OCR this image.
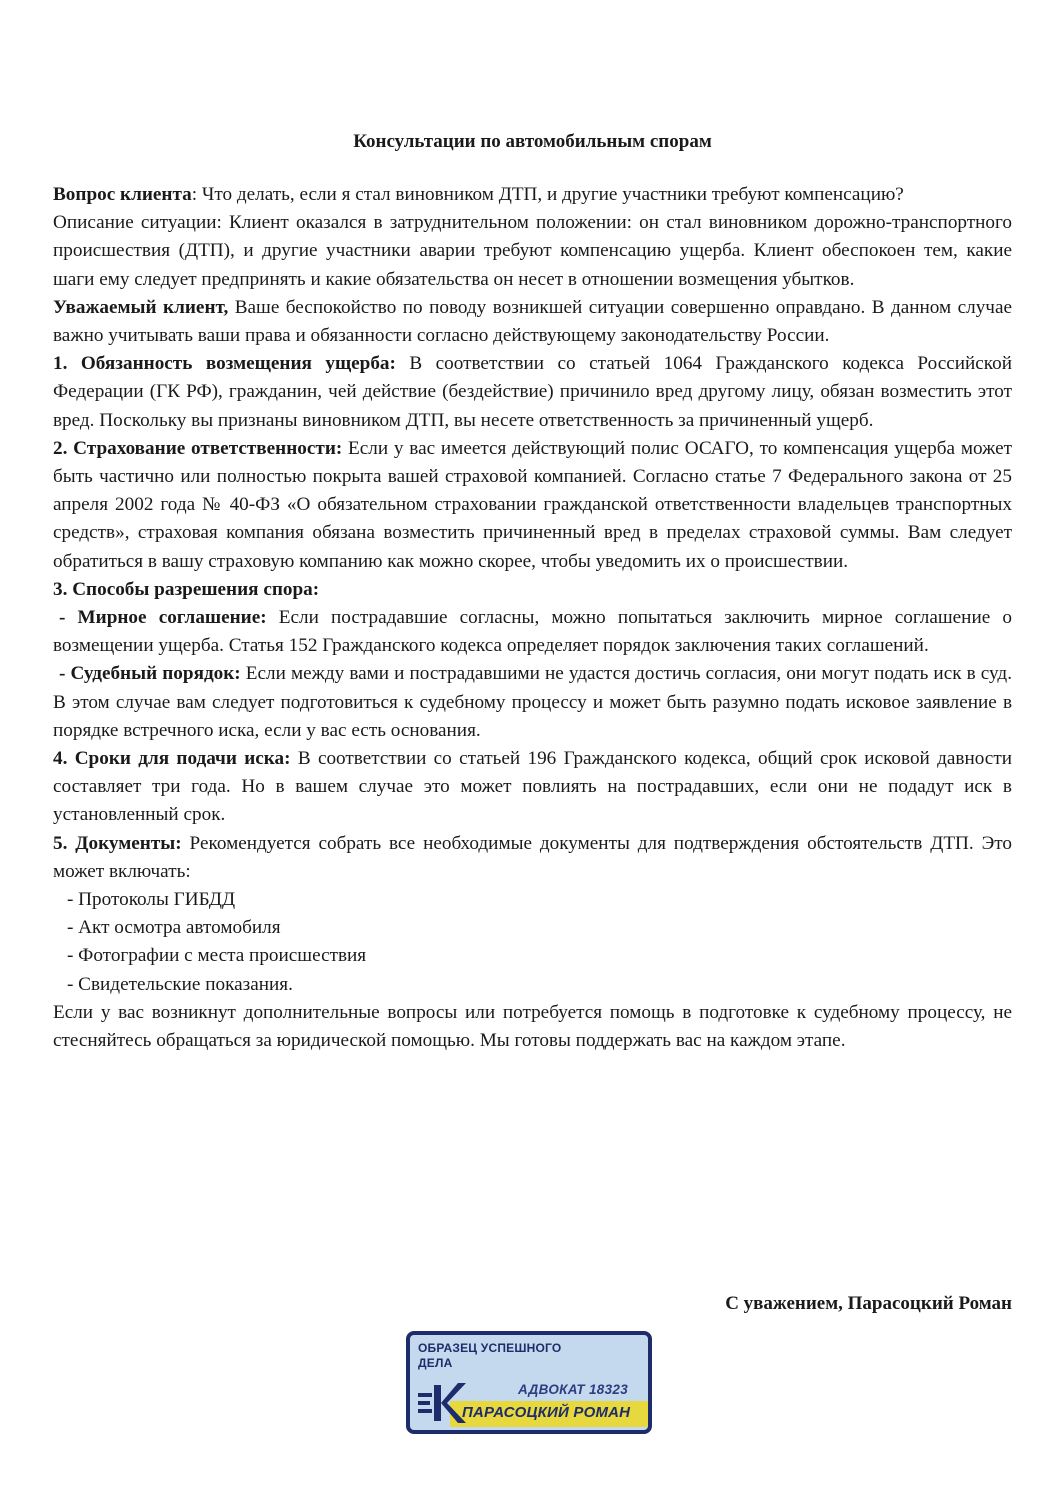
Консультации по автомобильным спорам

Вопрос клиента: Что делать, если я стал виновником ДТП, и другие участники требуют компенсацию?

Описание ситуации: Клиент оказался в затруднительном положении: он стал виновником дорожно-транспортного происшествия (ДТП), и другие участники аварии требуют компенсацию ущерба. Клиент обеспокоен тем, какие шаги ему следует предпринять и какие обязательства он несет в отношении возмещения убытков.

Уважаемый клиент, Ваше беспокойство по поводу возникшей ситуации совершенно оправдано. В данном случае важно учитывать ваши права и обязанности согласно действующему законодательству России.

1. Обязанность возмещения ущерба: В соответствии со статьей 1064 Гражданского кодекса Российской Федерации (ГК РФ), гражданин, чей действие (бездействие) причинило вред другому лицу, обязан возместить этот вред. Поскольку вы признаны виновником ДТП, вы несете ответственность за причиненный ущерб.

2. Страхование ответственности: Если у вас имеется действующий полис ОСАГО, то компенсация ущерба может быть частично или полностью покрыта вашей страховой компанией. Согласно статье 7 Федерального закона от 25 апреля 2002 года № 40-ФЗ «О обязательном страховании гражданской ответственности владельцев транспортных средств», страховая компания обязана возместить причиненный вред в пределах страховой суммы. Вам следует обратиться в вашу страховую компанию как можно скорее, чтобы уведомить их о происшествии.

3. Способы разрешения спора:

- Мирное соглашение: Если пострадавшие согласны, можно попытаться заключить мирное соглашение о возмещении ущерба. Статья 152 Гражданского кодекса определяет порядок заключения таких соглашений.

- Судебный порядок: Если между вами и пострадавшими не удастся достичь согласия, они могут подать иск в суд. В этом случае вам следует подготовиться к судебному процессу и может быть разумно подать исковое заявление в порядке встречного иска, если у вас есть основания.

4. Сроки для подачи иска: В соответствии со статьей 196 Гражданского кодекса, общий срок исковой давности составляет три года. Но в вашем случае это может повлиять на пострадавших, если они не подадут иск в установленный срок.

5. Документы: Рекомендуется собрать все необходимые документы для подтверждения обстоятельств ДТП. Это может включать:

- Протоколы ГИБДД

- Акт осмотра автомобиля

- Фотографии с места происшествия

- Свидетельские показания.

Если у вас возникнут дополнительные вопросы или потребуется помощь в подготовке к судебному процессу, не стесняйтесь обращаться за юридической помощью. Мы готовы поддержать вас на каждом этапе.

С уважением, Парасоцкий Роман
ОБРАЗЕЦ УСПЕШНОГО
ДЕЛА
АДВОКАТ 18323
ПАРАСОЦКИЙ РОМАН
